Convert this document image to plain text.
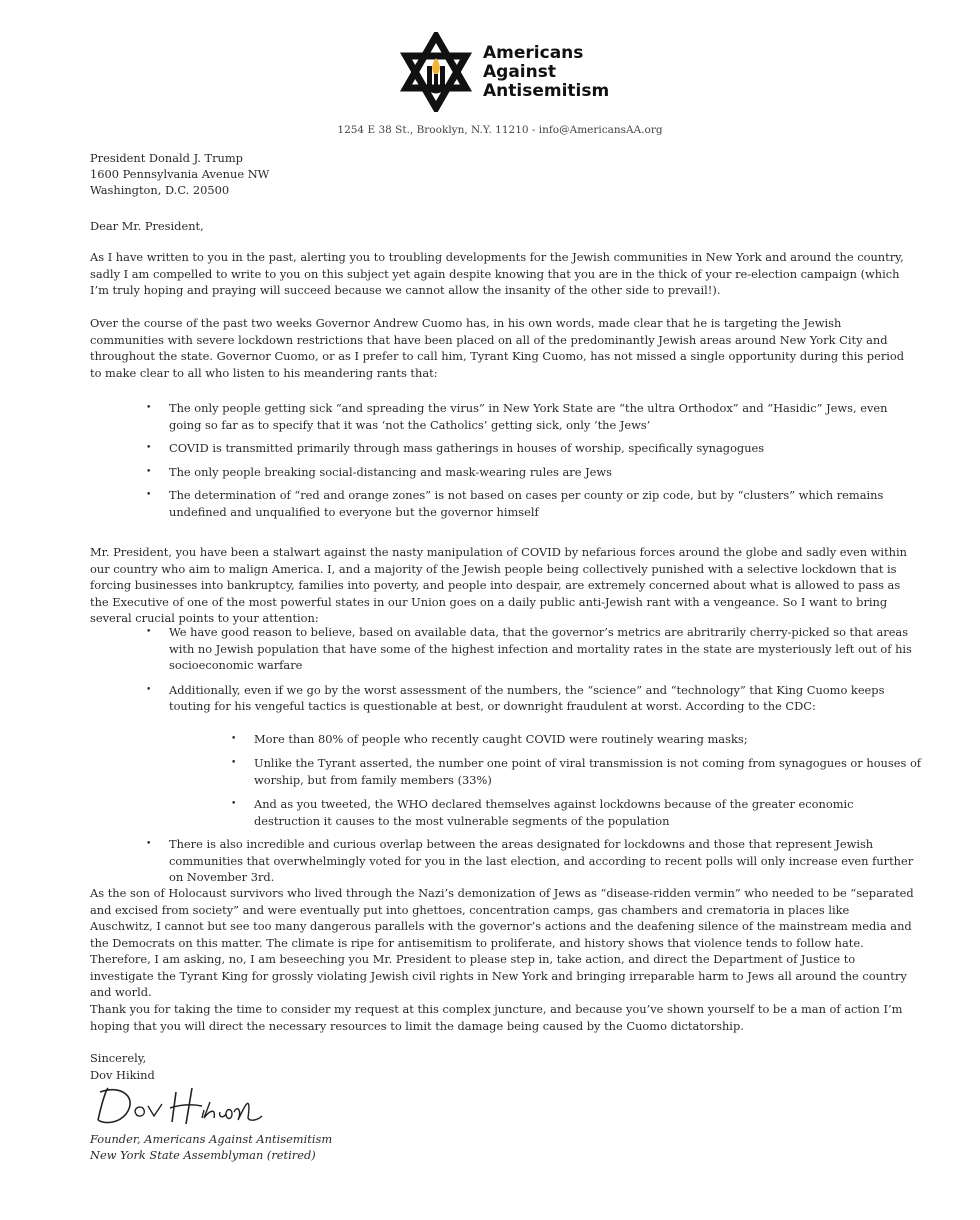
Americans
Against
Antisemitism
1254 E 38 St., Brooklyn, N.Y. 11210 - info@AmericansAA.org
President Donald J. Trump
1600 Pennsylvania Avenue NW
Washington, D.C. 20500
Dear Mr. President,
As I have written to you in the past, alerting you to troubling developments for the Jewish communities in New York and around the country, sadly I am compelled to write to you on this subject yet again despite knowing that you are in the thick of your re-election campaign (which I’m truly hoping and praying will succeed because we cannot allow the insanity of the other side to prevail!).
Over the course of the past two weeks Governor Andrew Cuomo has, in his own words, made clear that he is targeting the Jewish communities with severe lockdown restrictions that have been placed on all of the predominantly Jewish areas around New York City and throughout the state. Governor Cuomo, or as I prefer to call him, Tyrant King Cuomo, has not missed a single opportunity during this period to make clear to all who listen to his meandering rants that:
• The only people getting sick “and spreading the virus” in New York State are “the ultra Orthodox” and “Hasidic” Jews, even going so far as to specify that it was ‘not the Catholics’ getting sick, only ‘the Jews’
• COVID is transmitted primarily through mass gatherings in houses of worship, specifically synagogues
• The only people breaking social-distancing and mask-wearing rules are Jews
• The determination of “red and orange zones” is not based on cases per county or zip code, but by “clusters” which remains undefined and unqualified to everyone but the governor himself
Mr. President, you have been a stalwart against the nasty manipulation of COVID by nefarious forces around the globe and sadly even within our country who aim to malign America. I, and a majority of the Jewish people being collectively punished with a selective lockdown that is forcing businesses into bankruptcy, families into poverty, and people into despair, are extremely concerned about what is allowed to pass as the Executive of one of the most powerful states in our Union goes on a daily public anti-Jewish rant with a vengeance. So I want to bring several crucial points to your attention:
• We have good reason to believe, based on available data, that the governor’s metrics are abritrarily cherry-picked so that areas with no Jewish population that have some of the highest infection and mortality rates in the state are mysteriously left out of his socioeconomic warfare
• Additionally, even if we go by the worst assessment of the numbers, the “science” and “technology” that King Cuomo keeps touting for his vengeful tactics is questionable at best, or downright fraudulent at worst. According to the CDC:
• More than 80% of people who recently caught COVID were routinely wearing masks;
• Unlike the Tyrant asserted, the number one point of viral transmission is not coming from synagogues or houses of worship, but from family members (33%)
• And as you tweeted, the WHO declared themselves against lockdowns because of the greater economic destruction it causes to the most vulnerable segments of the population
• There is also incredible and curious overlap between the areas designated for lockdowns and those that represent Jewish communities that overwhelmingly voted for you in the last election, and according to recent polls will only increase even further on November 3rd.
As the son of Holocaust survivors who lived through the Nazi’s demonization of Jews as “disease-ridden vermin” who needed to be “separated and excised from society” and were eventually put into ghettoes, concentration camps, gas chambers and crematoria in places like Auschwitz, I cannot but see too many dangerous parallels with the governor’s actions and the deafening silence of the mainstream media and the Democrats on this matter. The climate is ripe for antisemitism to proliferate, and history shows that violence tends to follow hate. Therefore, I am asking, no, I am beseeching you Mr. President to please step in, take action, and direct the Department of Justice to investigate the Tyrant King for grossly violating Jewish civil rights in New York and bringing irreparable harm to Jews all around the country and world.
Thank you for taking the time to consider my request at this complex juncture, and because you’ve shown yourself to be a man of action I’m hoping that you will direct the necessary resources to limit the damage being caused by the Cuomo dictatorship.
Sincerely,
Dov Hikind
Founder, Americans Against Antisemitism
New York State Assemblyman (retired)
